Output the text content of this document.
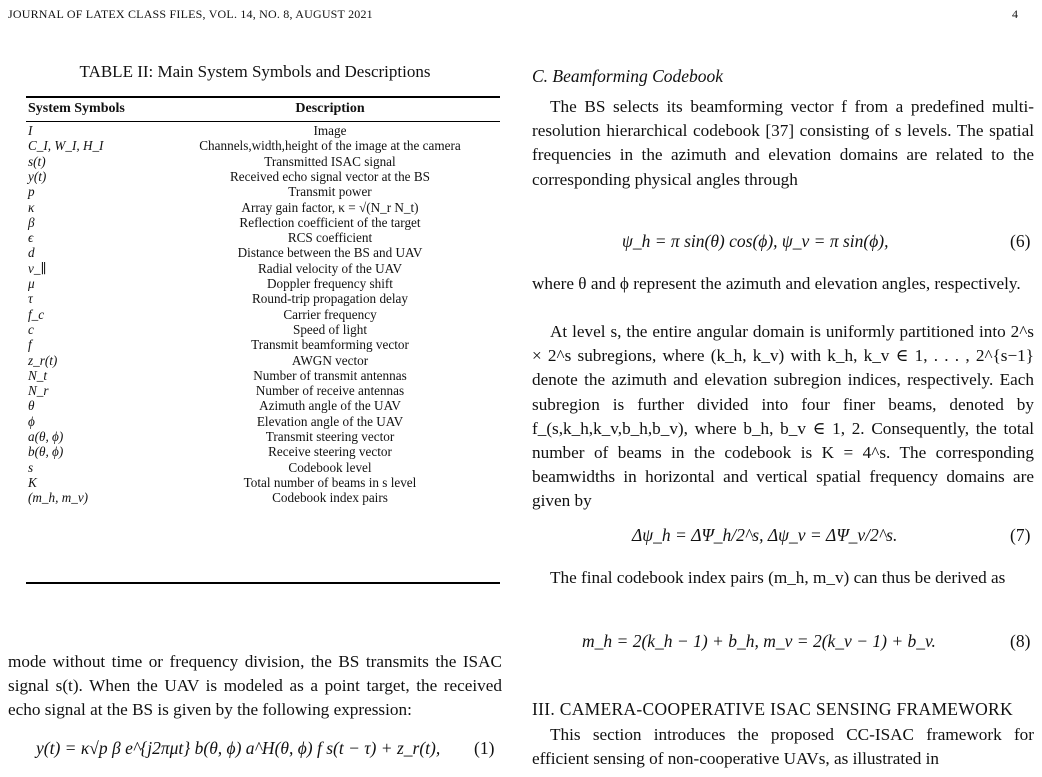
JOURNAL OF LATEX CLASS FILES, VOL. 14, NO. 8, AUGUST 2021	4
TABLE II: Main System Symbols and Descriptions
System Symbols	Description
I	Image
C_I, W_I, H_I	Channels,width,height of the image at the camera
s(t)	Transmitted ISAC signal
y(t)	Received echo signal vector at the BS
p	Transmit power
κ	Array gain factor, κ = √(N_r N_t)
β	Reflection coefficient of the target
ϵ	RCS coefficient
d	Distance between the BS and UAV
v_∥	Radial velocity of the UAV
μ	Doppler frequency shift
τ	Round-trip propagation delay
f_c	Carrier frequency
c	Speed of light
f	Transmit beamforming vector
z_r(t)	AWGN vector
N_t	Number of transmit antennas
N_r	Number of receive antennas
θ	Azimuth angle of the UAV
ϕ	Elevation angle of the UAV
a(θ, ϕ)	Transmit steering vector
b(θ, ϕ)	Receive steering vector
s	Codebook level
K	Total number of beams in s level
(m_h, m_v)	Codebook index pairs
mode without time or frequency division, the BS transmits the ISAC signal s(t). When the UAV is modeled as a point target, the received echo signal at the BS is given by the following expression:
y(t) = κ√p β e^{j2πμt} b(θ, ϕ) a^H(θ, ϕ) f s(t − τ) + z_r(t), (1)
C. Beamforming Codebook
The BS selects its beamforming vector f from a predefined multi-resolution hierarchical codebook [37] consisting of s levels. The spatial frequencies in the azimuth and elevation domains are related to the corresponding physical angles through
ψ_h = π sin(θ) cos(ϕ), ψ_v = π sin(ϕ),	(6)
where θ and ϕ represent the azimuth and elevation angles, respectively.
At level s, the entire angular domain is uniformly partitioned into 2^s × 2^s subregions, where (k_h, k_v) with k_h, k_v ∈ 1, . . . , 2^{s−1} denote the azimuth and elevation subregion indices, respectively. Each subregion is further divided into four finer beams, denoted by f_(s,k_h,k_v,b_h,b_v), where b_h, b_v ∈ 1, 2. Consequently, the total number of beams in the codebook is K = 4^s. The corresponding beamwidths in horizontal and vertical spatial frequency domains are given by
Δψ_h = ΔΨ_h/2^s, Δψ_v = ΔΨ_v/2^s.	(7)
The final codebook index pairs (m_h, m_v) can thus be derived as
m_h = 2(k_h − 1) + b_h, m_v = 2(k_v − 1) + b_v.	(8)
III. CAMERA-COOPERATIVE ISAC SENSING FRAMEWORK
This section introduces the proposed CC-ISAC framework for efficient sensing of non-cooperative UAVs, as illustrated in
